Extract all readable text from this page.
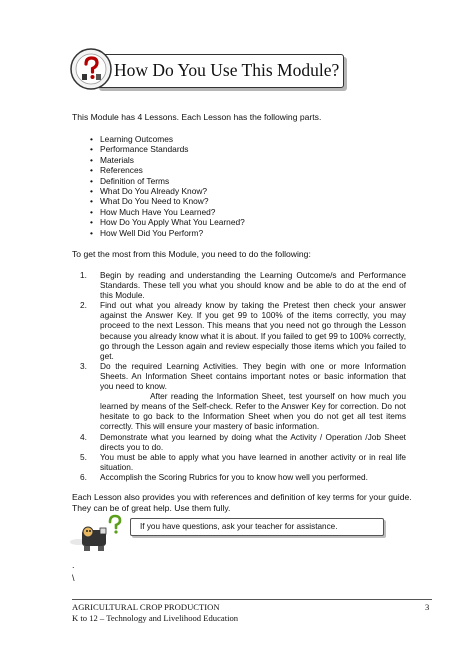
How Do You Use This Module?
This Module has 4 Lessons. Each Lesson has the following parts.
• Learning Outcomes
• Performance Standards
• Materials
• References
• Definition of Terms
• What Do You Already Know?
• What Do You Need to Know?
• How Much Have You Learned?
• How Do You Apply What You Learned?
• How Well Did You Perform?
To get the most from this Module, you need to do the following:
1. Begin by reading and understanding the Learning Outcome/s and Performance Standards. These tell you what you should know and be able to do at the end of this Module.
2. Find out what you already know by taking the Pretest then check your answer against the Answer Key. If you get 99 to 100% of the items correctly, you may proceed to the next Lesson. This means that you need not go through the Lesson because you already know what it is about. If you failed to get 99 to 100% correctly, go through the Lesson again and review especially those items which you failed to get.
3. Do the required Learning Activities. They begin with one or more Information Sheets. An Information Sheet contains important notes or basic information that you need to know.
After reading the Information Sheet, test yourself on how much you learned by means of the Self-check. Refer to the Answer Key for correction. Do not hesitate to go back to the Information Sheet when you do not get all test items correctly. This will ensure your mastery of basic information.
4. Demonstrate what you learned by doing what the Activity / Operation /Job Sheet directs you to do.
5. You must be able to apply what you have learned in another activity or in real life situation.
6. Accomplish the Scoring Rubrics for you to know how well you performed.
Each Lesson also provides you with references and definition of key terms for your guide. They can be of great help. Use them fully.
If you have questions, ask your teacher for assistance.
.
\
AGRICULTURAL CROP PRODUCTION
K to 12 – Technology and Livelihood Education
3
